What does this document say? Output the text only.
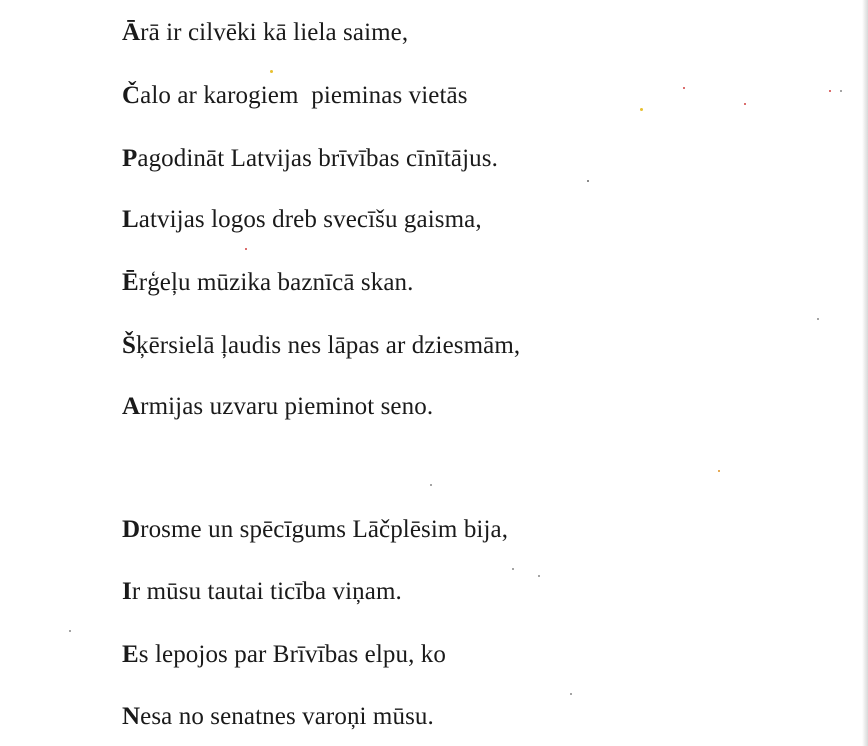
Ārā ir cilvēki kā liela saime,
Čalo ar karogiem  pieminas vietās
Pagodināt Latvijas brīvības cīnītājus.
Latvijas logos dreb svecīšu gaisma,
Ērģeļu mūzika baznīcā skan.
Šķērsielā ļaudis nes lāpas ar dziesmām,
Armijas uzvaru pieminot seno.
Drosme un spēcīgums Lāčplēsim bija,
Ir mūsu tautai ticība viņam.
Es lepojos par Brīvības elpu, ko
Nesa no senatnes varoņi mūsu.
